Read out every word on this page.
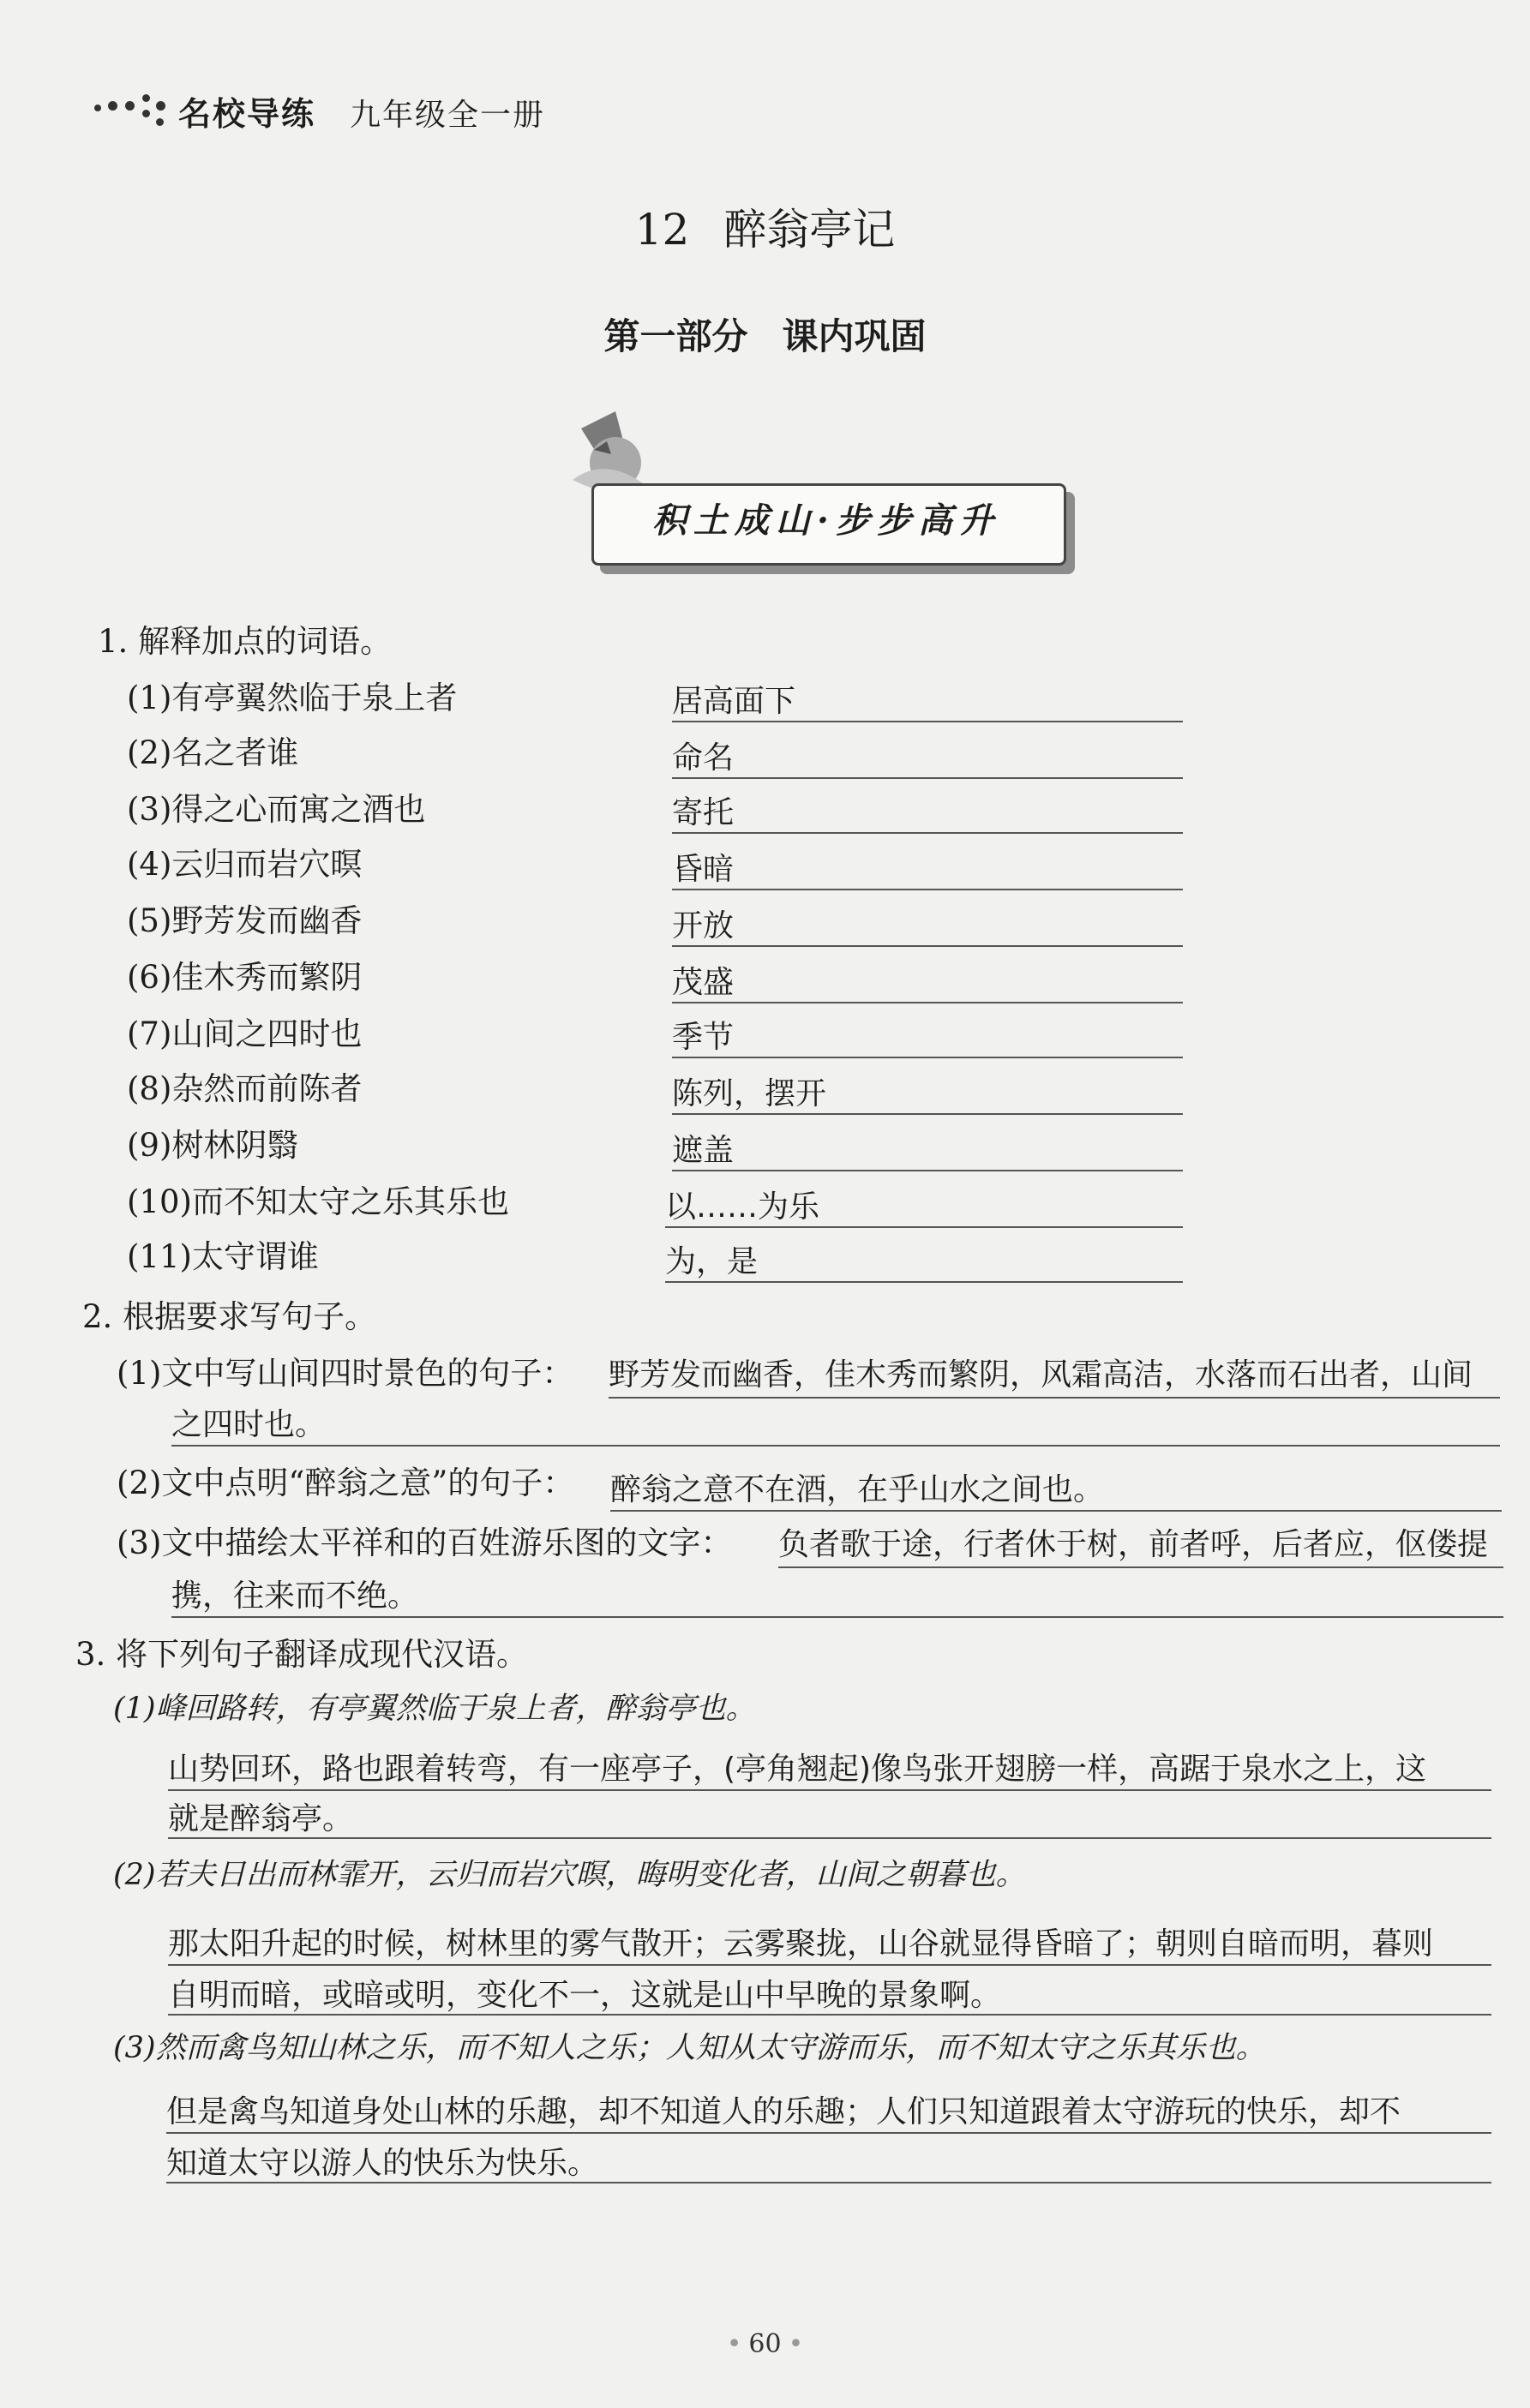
名校导练 九年级全一册
12 醉翁亭记
第一部分 课内巩固
积土成山·步步高升
1. 解释加点的词语。
(1)有亭翼然临于泉上者	居高面下
(2)名之者谁	命名
(3)得之心而寓之酒也	寄托
(4)云归而岩穴暝	昏暗
(5)野芳发而幽香	开放
(6)佳木秀而繁阴	茂盛
(7)山间之四时也	季节
(8)杂然而前陈者	陈列，摆开
(9)树林阴翳	遮盖
(10)而不知太守之乐其乐也	以……为乐
(11)太守谓谁	为，是
2. 根据要求写句子。
(1)文中写山间四时景色的句子： 野芳发而幽香，佳木秀而繁阴，风霜高洁，水落而石出者，山间
之四时也。
(2)文中点明“醉翁之意”的句子： 醉翁之意不在酒，在乎山水之间也。
(3)文中描绘太平祥和的百姓游乐图的文字： 负者歌于途，行者休于树，前者呼，后者应，伛偻提
携，往来而不绝。
3. 将下列句子翻译成现代汉语。
(1)峰回路转，有亭翼然临于泉上者，醉翁亭也。
山势回环，路也跟着转弯，有一座亭子，(亭角翘起)像鸟张开翅膀一样，高踞于泉水之上，这
就是醉翁亭。
(2)若夫日出而林霏开，云归而岩穴暝，晦明变化者，山间之朝暮也。
那太阳升起的时候，树林里的雾气散开；云雾聚拢，山谷就显得昏暗了；朝则自暗而明，暮则
自明而暗，或暗或明，变化不一，这就是山中早晚的景象啊。
(3)然而禽鸟知山林之乐，而不知人之乐；人知从太守游而乐，而不知太守之乐其乐也。
但是禽鸟知道身处山林的乐趣，却不知道人的乐趣；人们只知道跟着太守游玩的快乐，却不
知道太守以游人的快乐为快乐。
• 60 •
